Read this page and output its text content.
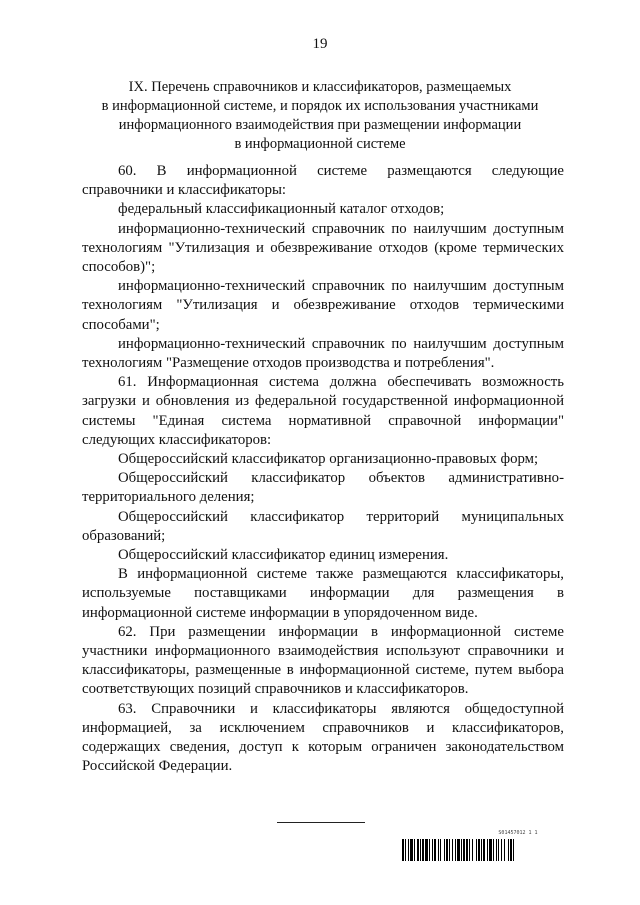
19
IX. Перечень справочников и классификаторов, размещаемых
в информационной системе, и порядок их использования участниками
информационного взаимодействия при размещении информации
в информационной системе

60. В информационной системе размещаются следующие справочники и классификаторы:

федеральный классификационный каталог отходов;

информационно-технический справочник по наилучшим доступным технологиям "Утилизация и обезвреживание отходов (кроме термических способов)";

информационно-технический справочник по наилучшим доступным технологиям "Утилизация и обезвреживание отходов термическими способами";

информационно-технический справочник по наилучшим доступным технологиям "Размещение отходов производства и потребления".

61. Информационная система должна обеспечивать возможность загрузки и обновления из федеральной государственной информационной системы "Единая система нормативной справочной информации" следующих классификаторов:

Общероссийский классификатор организационно-правовых форм;

Общероссийский классификатор объектов административно-территориального деления;

Общероссийский классификатор территорий муниципальных образований;

Общероссийский классификатор единиц измерения.

В информационной системе также размещаются классификаторы, используемые поставщиками информации для размещения в информационной системе информации в упорядоченном виде.

62. При размещении информации в информационной системе участники информационного взаимодействия используют справочники и классификаторы, размещенные в информационной системе, путем выбора соответствующих позиций справочников и классификаторов.

63. Справочники и классификаторы являются общедоступной информацией, за исключением справочников и классификаторов, содержащих сведения, доступ к которым ограничен законодательством Российской Федерации.

S01457012 1 1
